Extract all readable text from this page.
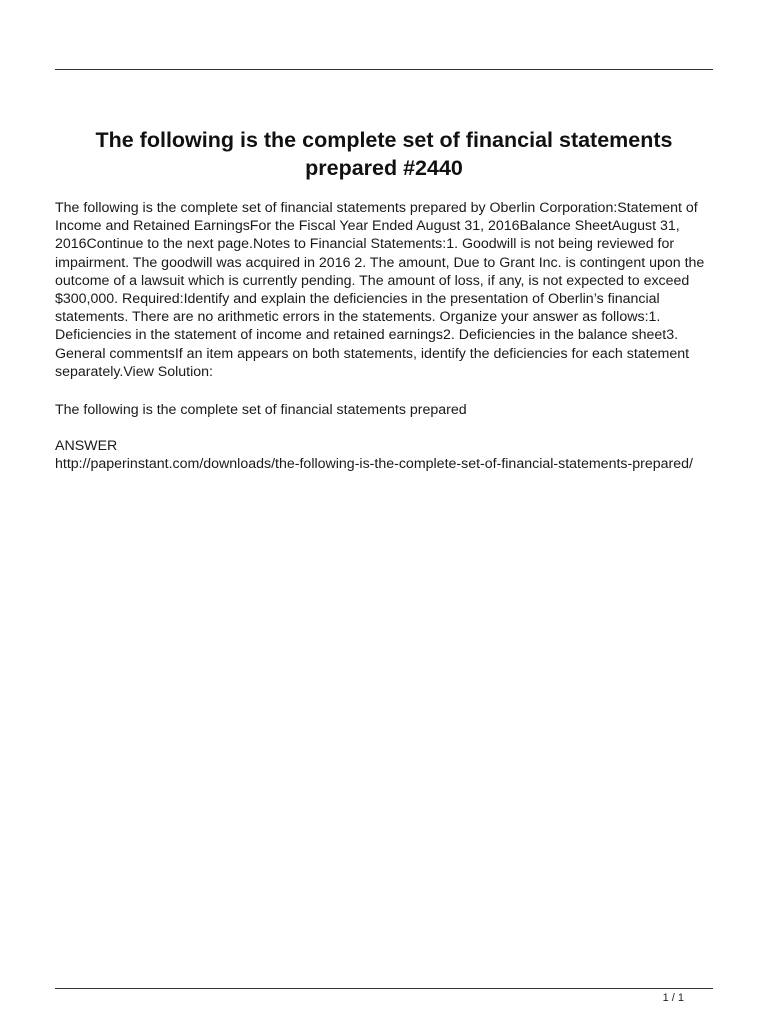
The following is the complete set of financial statements prepared #2440

The following is the complete set of financial statements prepared by Oberlin Corporation:Statement of Income and Retained EarningsFor the Fiscal Year Ended August 31, 2016Balance SheetAugust 31, 2016Continue to the next page.Notes to Financial Statements:1. Goodwill is not being reviewed for impairment. The goodwill was acquired in 2016 2. The amount, Due to Grant Inc. is contingent upon the outcome of a lawsuit which is currently pending. The amount of loss, if any, is not expected to exceed $300,000. Required:Identify and explain the deficiencies in the presentation of Oberlin’s financial statements. There are no arithmetic errors in the statements. Organize your answer as follows:1. Deficiencies in the statement of income and retained earnings2. Deficiencies in the balance sheet3. General commentsIf an item appears on both statements, identify the deficiencies for each statement separately.View Solution:

The following is the complete set of financial statements prepared

ANSWER

http://paperinstant.com/downloads/the-following-is-the-complete-set-of-financial-statements-prepared/

1 / 1
